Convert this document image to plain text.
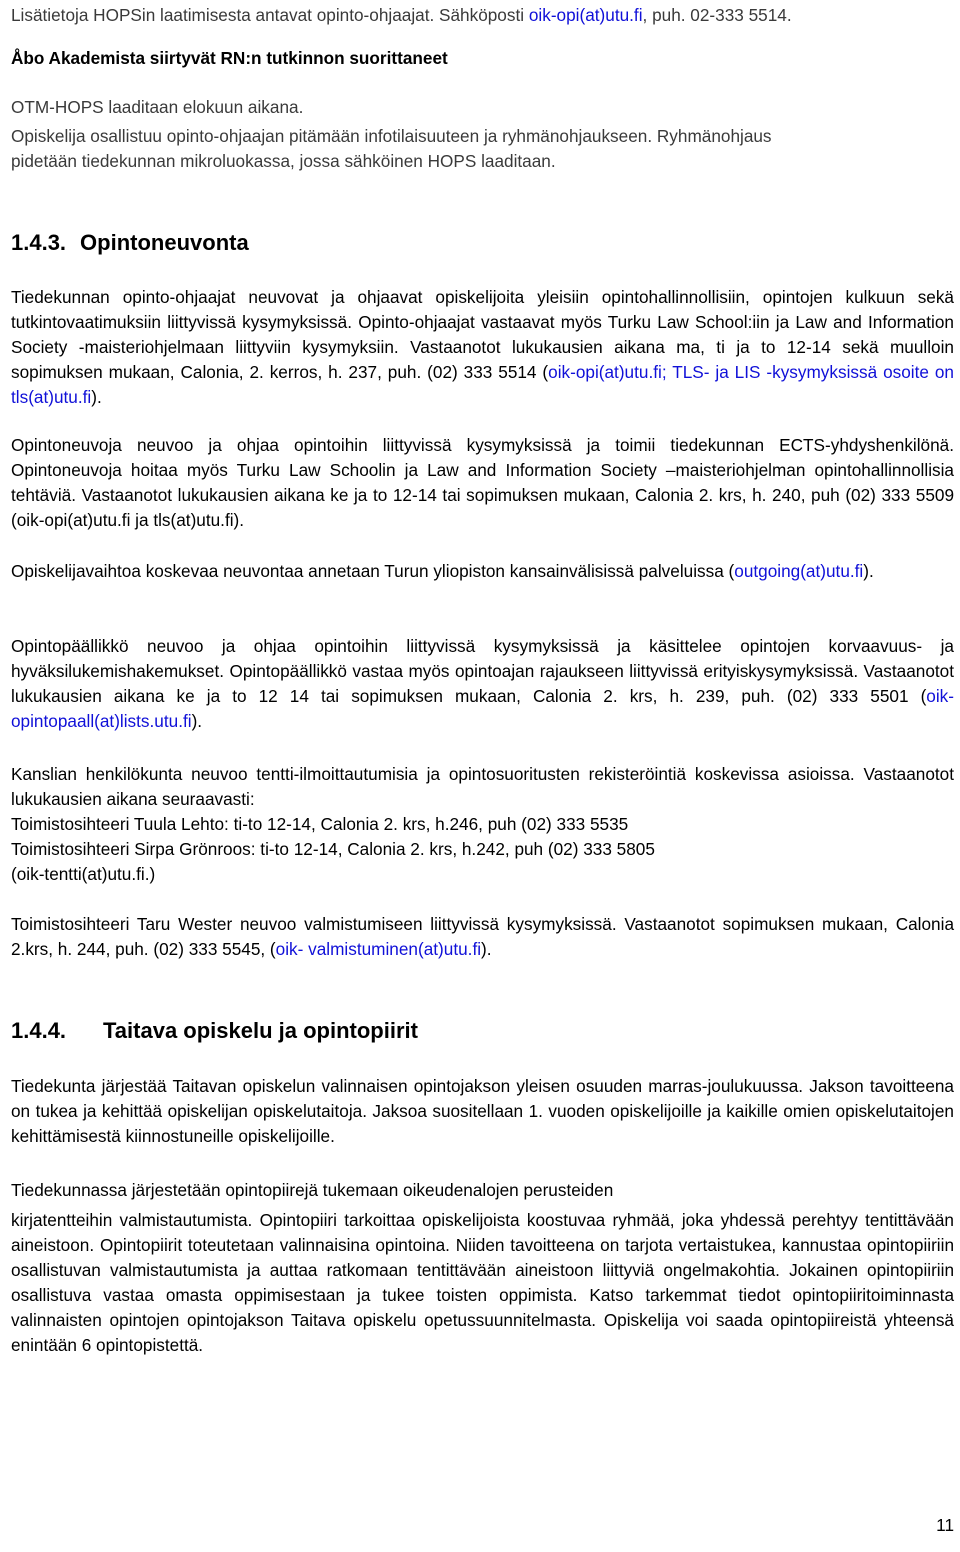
Lisätietoja HOPSin laatimisesta antavat opinto-ohjaajat. Sähköposti oik-opi(at)utu.fi, puh. 02-333 5514.
Åbo Akademista siirtyvät RN:n tutkinnon suorittaneet
OTM-HOPS laaditaan elokuun aikana.
Opiskelija osallistuu opinto-ohjaajan pitämään infotilaisuuteen ja ryhmänohjaukseen. Ryhmänohjaus
pidetään tiedekunnan mikroluokassa, jossa sähköinen HOPS laaditaan.
1.4.3. Opintoneuvonta
Tiedekunnan opinto-ohjaajat neuvovat ja ohjaavat opiskelijoita yleisiin opintohallinnollisiin, opintojen kulkuun sekä tutkintovaatimuksiin liittyvissä kysymyksissä. Opinto-ohjaajat vastaavat myös Turku Law School:iin ja Law and Information Society -maisteriohjelmaan liittyviin kysymyksiin. Vastaanotot lukukausien aikana ma, ti ja to 12-14 sekä muulloin sopimuksen mukaan, Calonia, 2. kerros, h. 237, puh. (02) 333 5514 (oik-opi(at)utu.fi; TLS- ja LIS -kysymyksissä osoite on tls(at)utu.fi).
Opintoneuvoja neuvoo ja ohjaa opintoihin liittyvissä kysymyksissä ja toimii tiedekunnan ECTS-yhdyshenkilönä. Opintoneuvoja hoitaa myös Turku Law Schoolin ja Law and Information Society –maisteriohjelman opintohallinnollisia tehtäviä. Vastaanotot lukukausien aikana ke ja to 12-14 tai sopimuksen mukaan, Calonia 2. krs, h. 240, puh (02) 333 5509 (oik-opi(at)utu.fi ja tls(at)utu.fi).
Opiskelijavaihtoa koskevaa neuvontaa annetaan Turun yliopiston kansainvälisissä palveluissa (outgoing(at)utu.fi).
Opintopäällikkö neuvoo ja ohjaa opintoihin liittyvissä kysymyksissä ja käsittelee opintojen korvaavuus- ja hyväksilukemishakemukset. Opintopäällikkö vastaa myös opintoajan rajaukseen liittyvissä erityiskysymyksissä. Vastaanotot lukukausien aikana ke ja to 12 14 tai sopimuksen mukaan, Calonia 2. krs, h. 239, puh. (02) 333 5501 (oik-opintopaall(at)lists.utu.fi).
Kanslian henkilökunta neuvoo tentti-ilmoittautumisia ja opintosuoritusten rekisteröintiä koskevissa asioissa. Vastaanotot lukukausien aikana seuraavasti:
Toimistosihteeri Tuula Lehto: ti-to 12-14, Calonia 2. krs, h.246, puh (02) 333 5535
Toimistosihteeri Sirpa Grönroos: ti-to 12-14, Calonia 2. krs, h.242, puh (02) 333 5805
(oik-tentti(at)utu.fi.)
Toimistosihteeri Taru Wester neuvoo valmistumiseen liittyvissä kysymyksissä. Vastaanotot sopimuksen mukaan, Calonia 2.krs, h. 244, puh. (02) 333 5545, (oik- valmistuminen(at)utu.fi).
1.4.4. Taitava opiskelu ja opintopiirit
Tiedekunta järjestää Taitavan opiskelun valinnaisen opintojakson yleisen osuuden marras-joulukuussa. Jakson tavoitteena on tukea ja kehittää opiskelijan opiskelutaitoja. Jaksoa suositellaan 1. vuoden opiskelijoille ja kaikille omien opiskelutaitojen kehittämisestä kiinnostuneille opiskelijoille.
Tiedekunnassa järjestetään opintopiirejä tukemaan oikeudenalojen perusteiden
kirjatentteihin valmistautumista. Opintopiiri tarkoittaa opiskelijoista koostuvaa ryhmää, joka yhdessä perehtyy tentittävään aineistoon. Opintopiirit toteutetaan valinnaisina opintoina. Niiden tavoitteena on tarjota vertaistukea, kannustaa opintopiiriin osallistuvan valmistautumista ja auttaa ratkomaan tentittävään aineistoon liittyviä ongelmakohtia. Jokainen opintopiiriin osallistuva vastaa omasta oppimisestaan ja tukee toisten oppimista. Katso tarkemmat tiedot opintopiiritoiminnasta valinnaisten opintojen opintojakson Taitava opiskelu opetussuunnitelmasta. Opiskelija voi saada opintopiireistä yhteensä enintään 6 opintopistettä.
11
